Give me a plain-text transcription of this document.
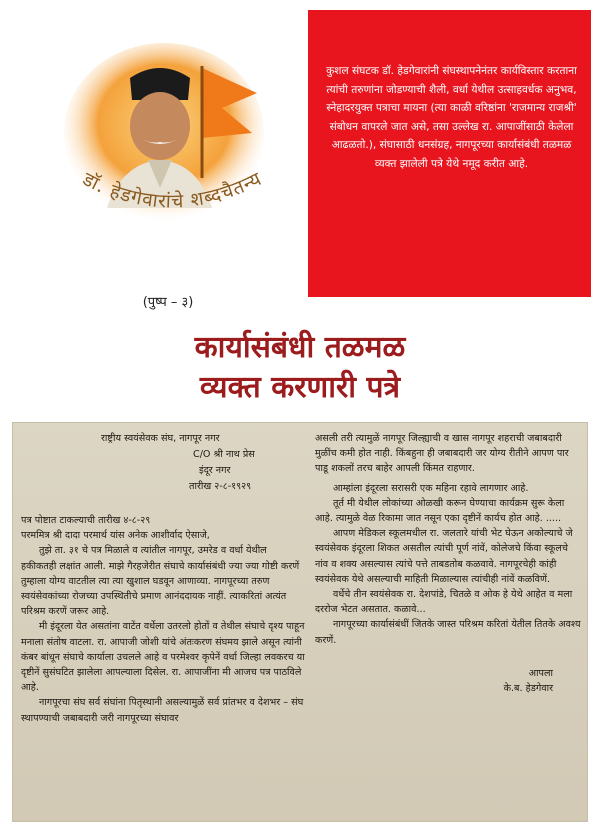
डॉ. हेडगेवारांचे शब्दचैतन्य
(पुष्प – ३)

कुशल संघटक डॉ. हेडगेवारांनी संघस्थापनेनंतर कार्यविस्तार करताना त्यांची तरुणांना जोडण्याची शैली, वर्धा येथील उत्साहवर्धक अनुभव, स्नेहादरयुक्त पत्राचा मायना (त्या काळी वरिष्ठांना 'राजमान्य राजश्री' संबोधन वापरले जात असे, तसा उल्लेख रा. आपाजींसाठी केलेला आढळतो.), संघासाठी धनसंग्रह, नागपूरच्या कार्यासंबंधी तळमळ व्यक्त झालेली पत्रे येथे नमूद करीत आहे.

कार्यासंबंधी तळमळ
व्यक्त करणारी पत्रे
राष्ट्रीय स्वयंसेवक संघ, नागपूर नगर
C/O श्री नाथ प्रेस
इंदूर नगर
तारीख २-८-१९२९

पत्र पोष्टात टाकल्याची तारीख ४-८-२९

परममित्र श्री दादा परमार्थ यांस अनेक आशीर्वाद ऐसाजे,

तुझे ता. ३१ चे पत्र मिळाले व त्यांतील नागपूर, उमरेड व वर्धा येथील हकीकतही लक्षांत आली. माझे गैरहजेरीत संघाचे कार्यासंबंधी ज्या ज्या गोष्टी करणें तुम्हाला योग्य वाटतील त्या त्या खुशाल घडवून आणाव्या. नागपूरच्या तरुण स्वयंसेवकांच्या रोजच्या उपस्थितीचे प्रमाण आनंददायक नाहीं. त्याकरितां अत्यंत परिश्रम करणें जरूर आहे.

मी इंदूरला येत असतांना वाटेंत वर्धेला उतरलो होतों व तेथील संघाचे दृश्य पाहून मनाला संतोष वाटला. रा. आपाजी जोशी यांचे अंतःकरण संघमय झाले असून त्यांनी कंबर बांधून संघाचे कार्याला उचलले आहे व परमेश्वर कृपेनें वर्धा जिल्हा लवकरच या दृष्टीनें सुसंघटित झालेला आपल्याला दिसेल. रा. आपाजींना मी आजच पत्र पाठविले आहे.

नागपूरचा संघ सर्व संघांना पितृस्थानी असल्यामुळें सर्व प्रांतभर व देशभर – संघ स्थापण्याची जबाबदारी जरी नागपूरच्या संघावर

असली तरी त्यामुळें नागपूर जिल्ह्याची व खास नागपूर शहराची जबाबदारी मुळींच कमी होत नाही. किंबहुना ही जबाबदारी जर योग्य रीतीने आपण पार पाडू शकलों तरच बाहेर आपली किंमत राहणार.

आम्हांला इंदूरला सरासरी एक महिना रहावे लागणार आहे.

तूर्त मी येथील लोकांच्या ओळखी करून घेण्याचा कार्यक्रम सुरू केला आहे. त्यामुळे वेळ रिकामा जात नसून एका दृष्टीनें कार्यच होत आहे. .....

आपण मेडिकल स्कूलमधील रा. जलतारे यांची भेट घेऊन अकोल्याचे जे स्वयंसेवक इंदूरला शिकत असतील त्यांची पूर्ण नांवें, कोलेजचे किंवा स्कूलचे नांव व शक्य असल्यास त्यांचे पत्ते ताबडतोब कळवावे. नागपूरचेही कांही स्वयंसेवक येथे असल्याची माहिती मिळाल्यास त्यांचीही नांवें कळविणें.

वर्धेचे तीन स्वयंसेवक रा. देशपांडे, चितळे व ओक हे येथे आहेत व मला दररोज भेटत असतात. कळावे...

नागपूरच्या कार्यासंबंधीं जितके जास्त परिश्रम करितां येतील तितके अवश्य करणें.

आपला

के.ब. हेडगेवार
